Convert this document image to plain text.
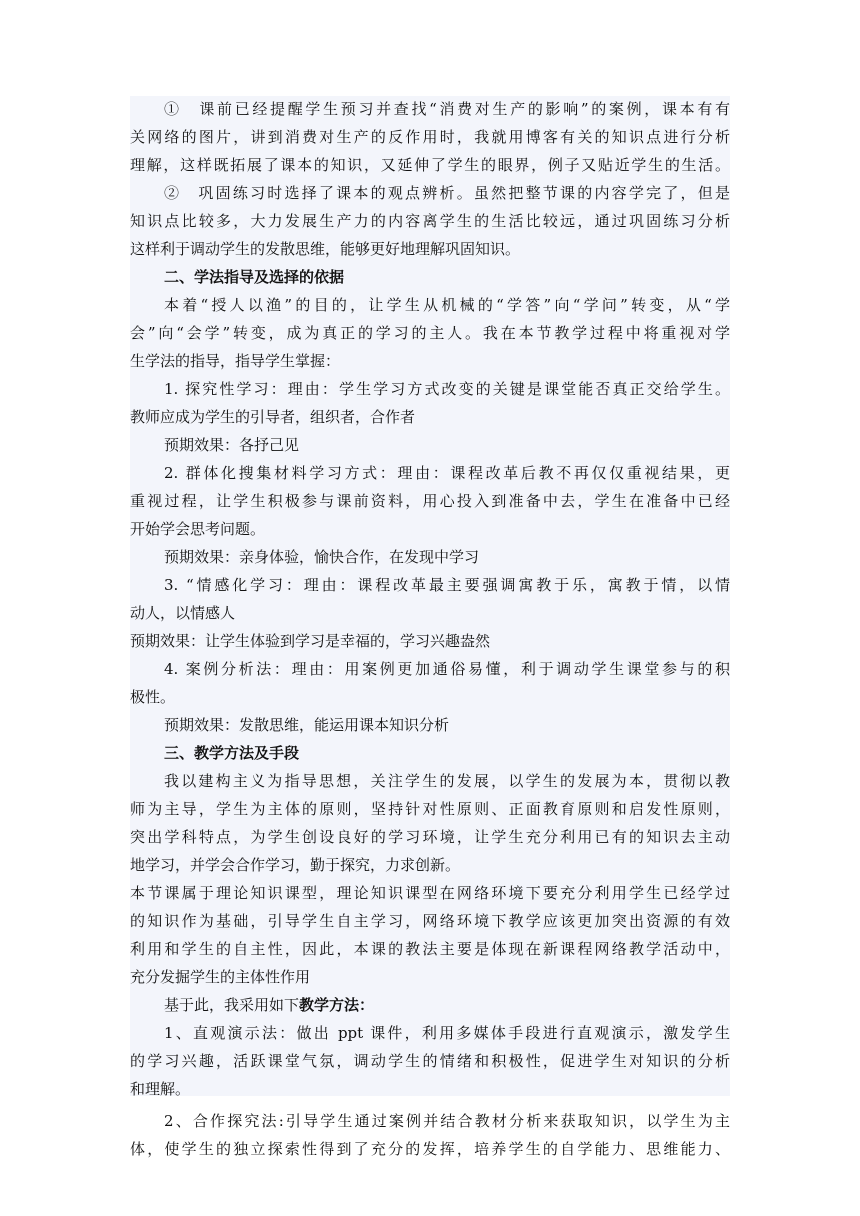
①　课前已经提醒学生预习并查找“消费对生产的影响”的案例，课本有有
关网络的图片，讲到消费对生产的反作用时，我就用博客有关的知识点进行分析
理解，这样既拓展了课本的知识，又延伸了学生的眼界，例子又贴近学生的生活。
②　巩固练习时选择了课本的观点辨析。虽然把整节课的内容学完了，但是
知识点比较多，大力发展生产力的内容离学生的生活比较远，通过巩固练习分析
这样利于调动学生的发散思维，能够更好地理解巩固知识。
二、学法指导及选择的依据
本着“授人以渔”的目的，让学生从机械的“学答”向“学问”转变，从“学
会”向“会学”转变，成为真正的学习的主人。我在本节教学过程中将重视对学
生学法的指导，指导学生掌握：
1. 探究性学习：理由：学生学习方式改变的关键是课堂能否真正交给学生。
教师应成为学生的引导者，组织者，合作者
预期效果：各抒己见
2. 群体化搜集材料学习方式：理由：课程改革后教不再仅仅重视结果，更
重视过程，让学生积极参与课前资料，用心投入到准备中去，学生在准备中已经
开始学会思考问题。
预期效果：亲身体验，愉快合作，在发现中学习
3. “情感化学习：理由：课程改革最主要强调寓教于乐，寓教于情，以情
动人，以情感人
预期效果：让学生体验到学习是幸福的，学习兴趣盎然
4. 案例分析法：理由：用案例更加通俗易懂，利于调动学生课堂参与的积
极性。
预期效果：发散思维，能运用课本知识分析
三、教学方法及手段
我以建构主义为指导思想，关注学生的发展，以学生的发展为本，贯彻以教
师为主导，学生为主体的原则，坚持针对性原则、正面教育原则和启发性原则，
突出学科特点，为学生创设良好的学习环境，让学生充分利用已有的知识去主动
地学习，并学会合作学习，勤于探究，力求创新。
本节课属于理论知识课型，理论知识课型在网络环境下要充分利用学生已经学过
的知识作为基础，引导学生自主学习，网络环境下教学应该更加突出资源的有效
利用和学生的自主性，因此，本课的教法主要是体现在新课程网络教学活动中，
充分发掘学生的主体性作用
基于此，我采用如下教学方法：
1、直观演示法：做出 ppt 课件，利用多媒体手段进行直观演示，激发学生
的学习兴趣，活跃课堂气氛，调动学生的情绪和积极性，促进学生对知识的分析
和理解。
2、合作探究法:引导学生通过案例并结合教材分析来获取知识，以学生为主
体，使学生的独立探索性得到了充分的发挥，培养学生的自学能力、思维能力、
